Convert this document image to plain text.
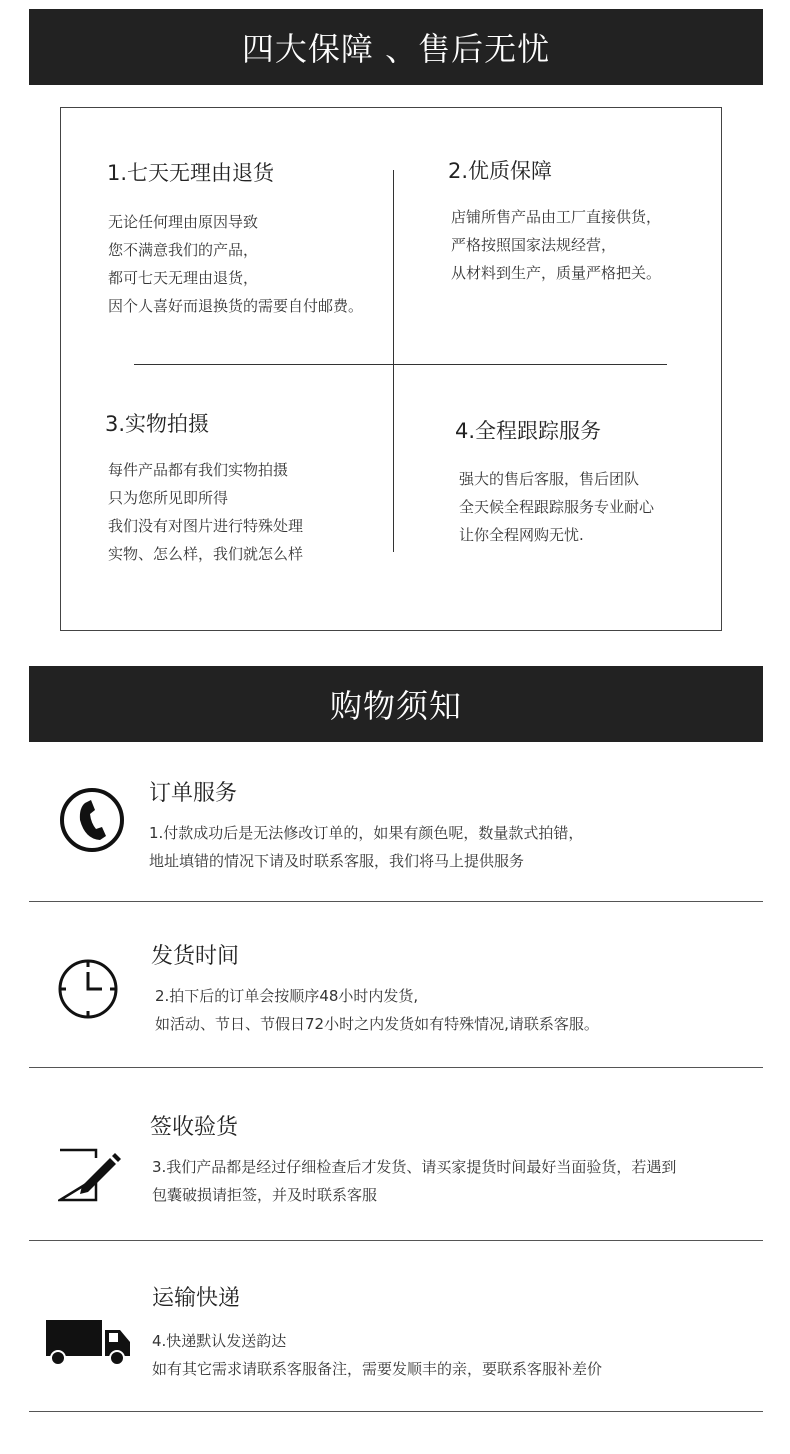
四大保障 、售后无忧
1.七天无理由退货
无论任何理由原因导致
您不满意我们的产品，
都可七天无理由退货，
因个人喜好而退换货的需要自付邮费。
2.优质保障
店铺所售产品由工厂直接供货，
严格按照国家法规经营，
从材料到生产，质量严格把关。
3.实物拍摄
每件产品都有我们实物拍摄
只为您所见即所得
我们没有对图片进行特殊处理
实物、怎么样，我们就怎么样
4.全程跟踪服务
强大的售后客服，售后团队
全天候全程跟踪服务专业耐心
让你全程网购无忧.
购物须知
订单服务
1.付款成功后是无法修改订单的，如果有颜色呢，数量款式拍错，
地址填错的情况下请及时联系客服，我们将马上提供服务
发货时间
2.拍下后的订单会按顺序48小时内发货,
如活动、节日、节假日72小时之内发货如有特殊情况,请联系客服。
签收验货
3.我们产品都是经过仔细检查后才发货、请买家提货时间最好当面验货，若遇到
包囊破损请拒签，并及时联系客服
运输快递
4.快递默认发送韵达
如有其它需求请联系客服备注，需要发顺丰的亲，要联系客服补差价
